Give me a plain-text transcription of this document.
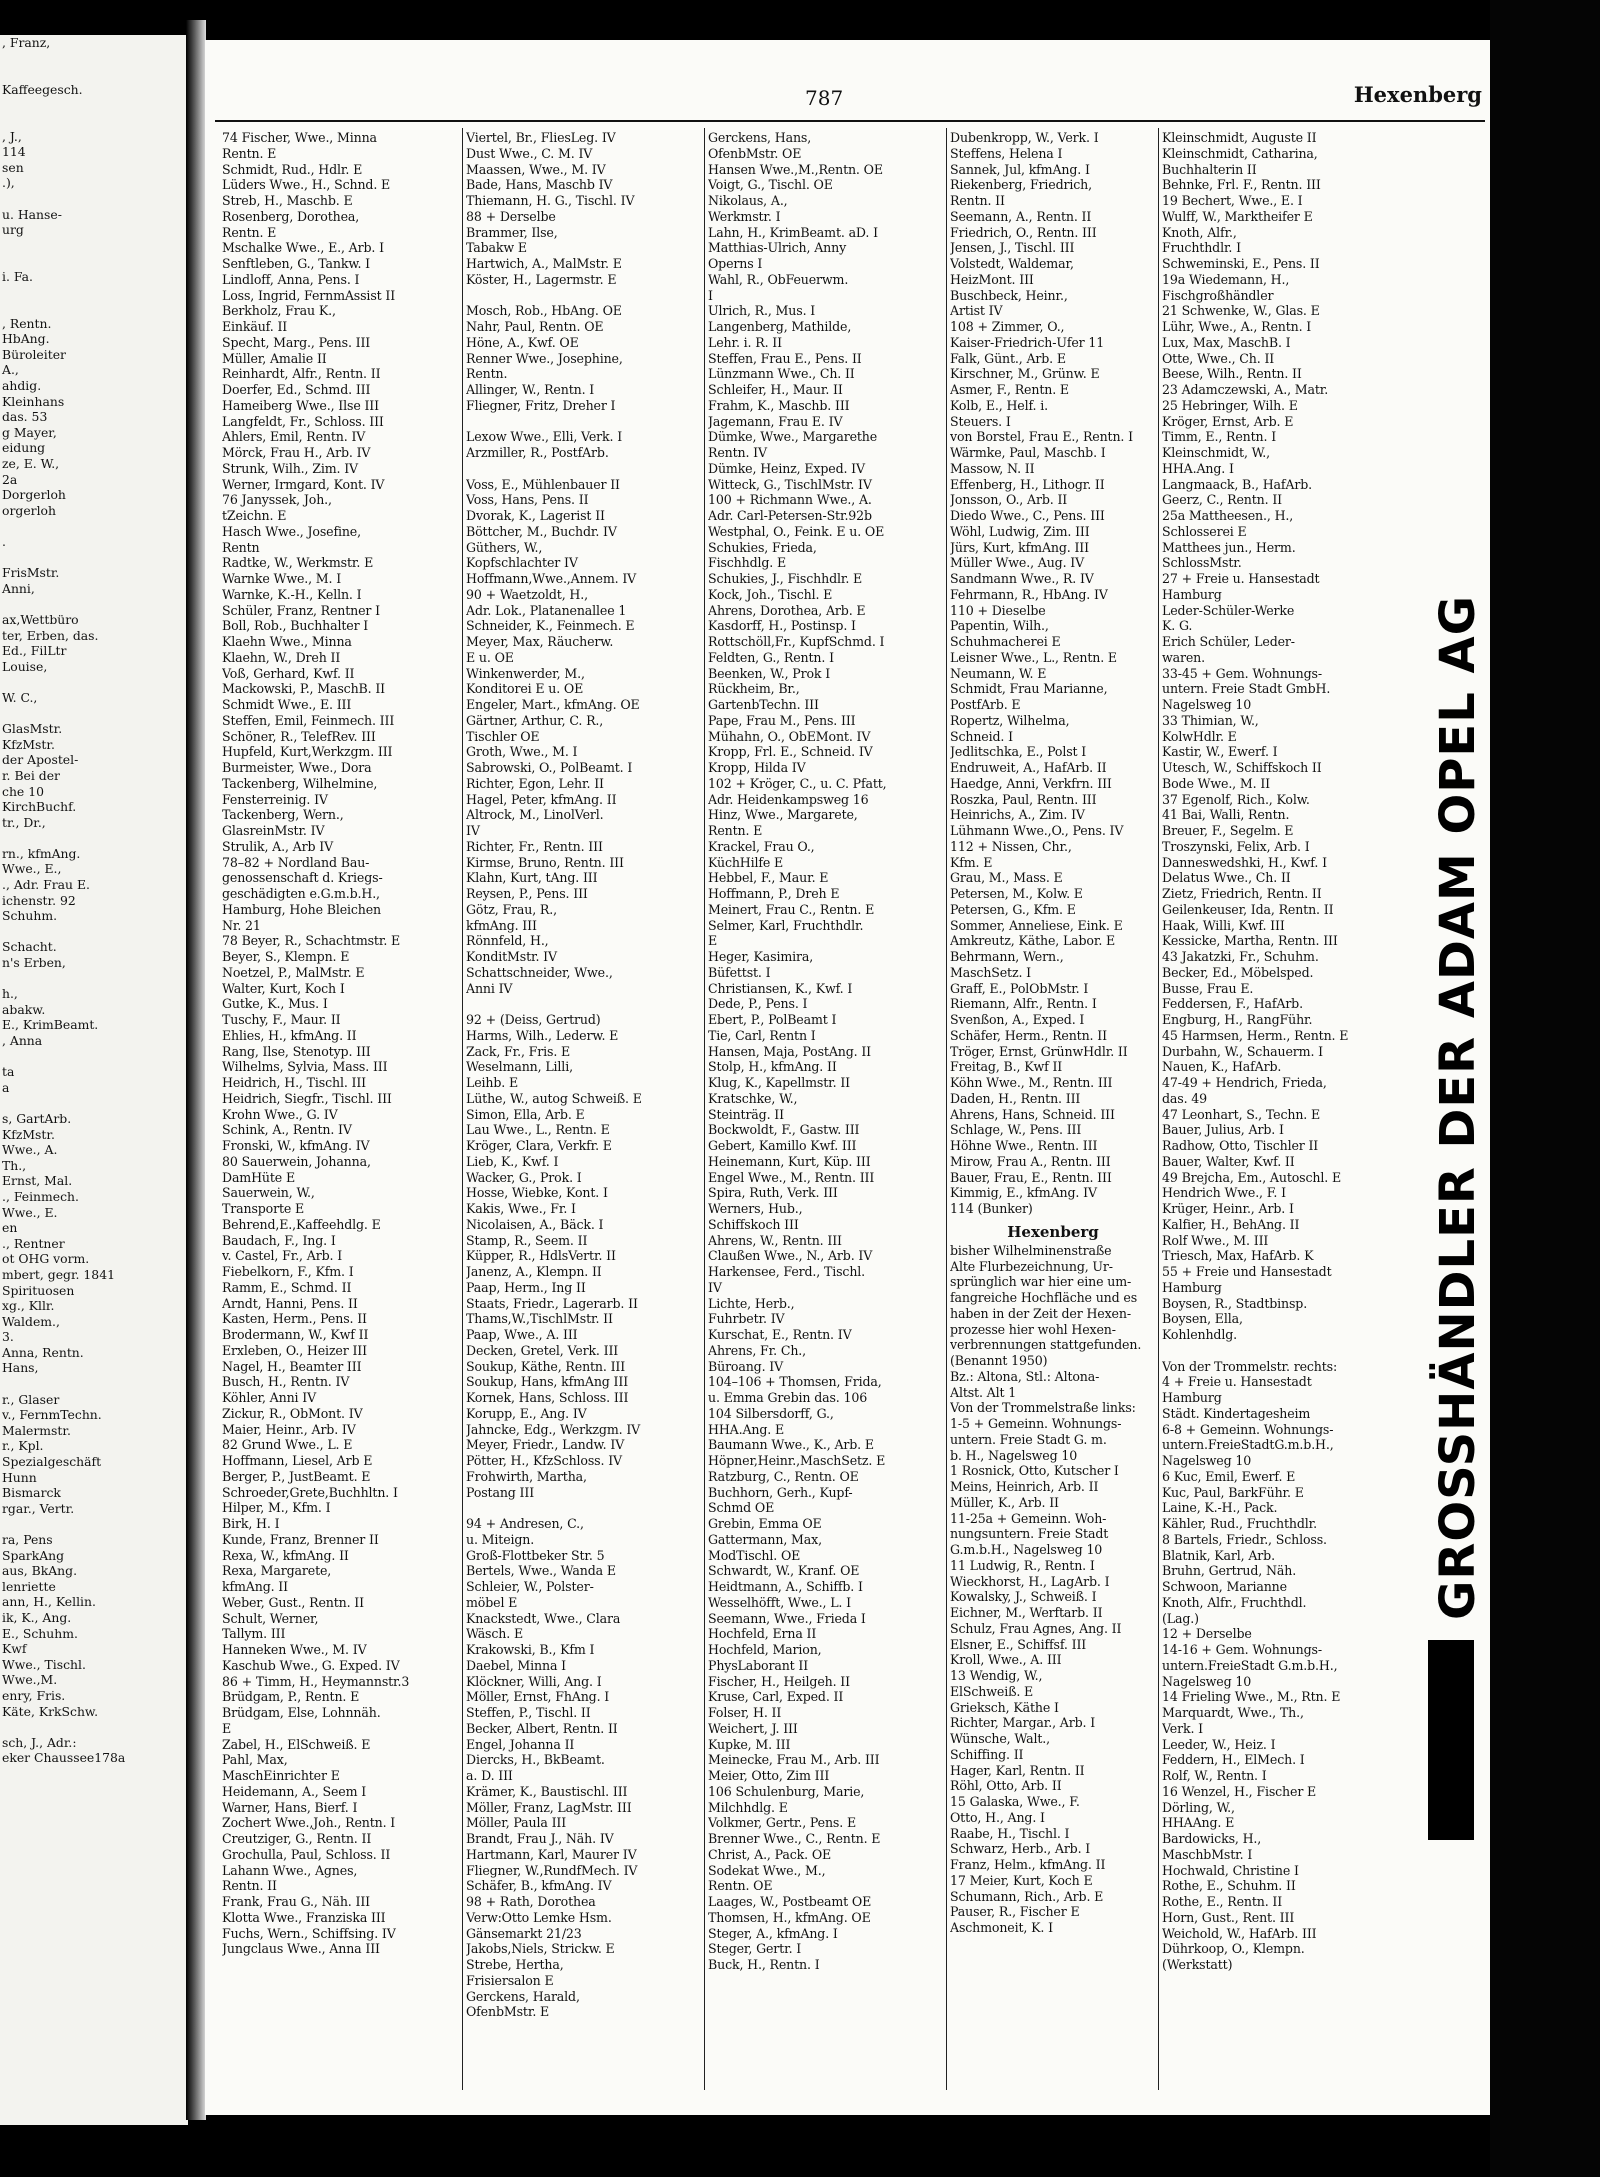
, Franz,

Kaffeegesch.

, J.,
114
sen
.),

u. Hanse-
urg

i. Fa.

, Rentn.
HbAng.
Büroleiter
A.,
ahdig.
Kleinhans
das. 53
g Mayer,
eidung
ze, E. W.,
2a
Dorgerloh
orgerloh

.

FrisMstr.
Anni,

ax,Wettbüro
ter, Erben, das.
Ed., FilLtr
Louise,

W. C.,

GlasMstr.
KfzMstr.
der Apostel-
r. Bei der
che 10
KirchBuchf.
tr., Dr.,

rn., kfmAng.
Wwe., E.,
., Adr. Frau E.
ichenstr. 92
Schuhm.

Schacht.
n's Erben,

h.,
abakw.
E., KrimBeamt.
, Anna

ta
a

s, GartArb.
KfzMstr.
Wwe., A.
Th.,
Ernst, Mal.
., Feinmech.
Wwe., E.
en
., Rentner
ot OHG vorm.
mbert, gegr. 1841
Spirituosen
xg., Kllr.
Waldem.,
3.
Anna, Rentn.
Hans,

r., Glaser
v., FernmTechn.
Malermstr.
r., Kpl.
Spezialgeschäft
Hunn
Bismarck
rgar., Vertr.

ra, Pens
SparkAng
aus, BkAng.
lenriette
ann, H., Kellin.
ik, K., Ang.
E., Schuhm.
Kwf
Wwe., Tischl.
Wwe.,M.
enry, Fris.
Käte, KrkSchw.

sch, J., Adr.:
eker Chaussee178a
787	Hexenberg
74 Fischer, Wwe., Minna
Rentn. E
Schmidt, Rud., Hdlr. E
Lüders Wwe., H., Schnd. E
Streb, H., Maschb. E
Rosenberg, Dorothea,
Rentn. E
Mschalke Wwe., E., Arb. I
Senftleben, G., Tankw. I
Lindloff, Anna, Pens. I
Loss, Ingrid, FernmAssist II
Berkholz, Frau K.,
Einkäuf. II
Specht, Marg., Pens. III
Müller, Amalie II
Reinhardt, Alfr., Rentn. II
Doerfer, Ed., Schmd. III
Hameiberg Wwe., Ilse III
Langfeldt, Fr., Schloss. III
Ahlers, Emil, Rentn. IV
Mörck, Frau H., Arb. IV
Strunk, Wilh., Zim. IV
Werner, Irmgard, Kont. IV
76 Janyssek, Joh.,
tZeichn. E
Hasch Wwe., Josefine,
Rentn
Radtke, W., Werkmstr. E
Warnke Wwe., M. I
Warnke, K.-H., Kelln. I
Schüler, Franz, Rentner I
Boll, Rob., Buchhalter I
Klaehn Wwe., Minna
Klaehn, W., Dreh II
Voß, Gerhard, Kwf. II
Mackowski, P., MaschB. II
Schmidt Wwe., E. III
Steffen, Emil, Feinmech. III
Schöner, R., TelefRev. III
Hupfeld, Kurt,Werkzgm. III
Burmeister, Wwe., Dora
Tackenberg, Wilhelmine,
Fensterreinig. IV
Tackenberg, Wern.,
GlasreinMstr. IV
Strulik, A., Arb IV
78–82 + Nordland Bau-
genossenschaft d. Kriegs-
geschädigten e.G.m.b.H.,
Hamburg, Hohe Bleichen
Nr. 21
78 Beyer, R., Schachtmstr. E
Beyer, S., Klempn. E
Noetzel, P., MalMstr. E
Walter, Kurt, Koch I
Gutke, K., Mus. I
Tuschy, F., Maur. II
Ehlies, H., kfmAng. II
Rang, Ilse, Stenotyp. III
Wilhelms, Sylvia, Mass. III
Heidrich, H., Tischl. III
Heidrich, Siegfr., Tischl. III
Krohn Wwe., G. IV
Schink, A., Rentn. IV
Fronski, W., kfmAng. IV
80 Sauerwein, Johanna,
DamHüte E
Sauerwein, W.,
Transporte E
Behrend,E.,Kaffeehdlg. E
Baudach, F., Ing. I
v. Castel, Fr., Arb. I
Fiebelkorn, F., Kfm. I
Ramm, E., Schmd. II
Arndt, Hanni, Pens. II
Kasten, Herm., Pens. II
Brodermann, W., Kwf II
Erxleben, O., Heizer III
Nagel, H., Beamter III
Busch, H., Rentn. IV
Köhler, Anni IV
Zickur, R., ObMont. IV
Maier, Heinr., Arb. IV
82 Grund Wwe., L. E
Hoffmann, Liesel, Arb E
Berger, P., JustBeamt. E
Schroeder,Grete,Buchhltn. I
Hilper, M., Kfm. I
Birk, H. I
Kunde, Franz, Brenner II
Rexa, W., kfmAng. II
Rexa, Margarete,
kfmAng. II
Weber, Gust., Rentn. II
Schult, Werner,
Tallym. III
Hanneken Wwe., M. IV
Kaschub Wwe., G. Exped. IV
86 + Timm, H., Heymannstr.3
Brüdgam, P., Rentn. E
Brüdgam, Else, Lohnnäh.
E
Zabel, H., ElSchweiß. E
Pahl, Max,
MaschEinrichter E
Heidemann, A., Seem I
Warner, Hans, Bierf. I
Zochert Wwe.,Joh., Rentn. I
Creutziger, G., Rentn. II
Grochulla, Paul, Schloss. II
Lahann Wwe., Agnes,
Rentn. II
Frank, Frau G., Näh. III
Klotta Wwe., Franziska III
Fuchs, Wern., Schiffsing. IV
Jungclaus Wwe., Anna III
Viertel, Br., FliesLeg. IV
Dust Wwe., C. M. IV
Maassen, Wwe., M. IV
Bade, Hans, Maschb IV
Thiemann, H. G., Tischl. IV
88 + Derselbe
Brammer, Ilse,
Tabakw E
Hartwich, A., MalMstr. E
Köster, H., Lagermstr. E

Mosch, Rob., HbAng. OE
Nahr, Paul, Rentn. OE
Höne, A., Kwf. OE
Renner Wwe., Josephine,
Rentn.
Allinger, W., Rentn. I
Fliegner, Fritz, Dreher I

Lexow Wwe., Elli, Verk. I
Arzmiller, R., PostfArb.

Voss, E., Mühlenbauer II
Voss, Hans, Pens. II
Dvorak, K., Lagerist II
Böttcher, M., Buchdr. IV
Güthers, W.,
Kopfschlachter IV
Hoffmann,Wwe.,Annem. IV
90 + Waetzoldt, H.,
Adr. Lok., Platanenallee 1
Schneider, K., Feinmech. E
Meyer, Max, Räucherw.
E u. OE
Winkenwerder, M.,
Konditorei E u. OE
Engeler, Mart., kfmAng. OE
Gärtner, Arthur, C. R.,
Tischler OE
Groth, Wwe., M. I
Sabrowski, O., PolBeamt. I
Richter, Egon, Lehr. II
Hagel, Peter, kfmAng. II
Altrock, M., LinolVerl.
IV
Richter, Fr., Rentn. III
Kirmse, Bruno, Rentn. III
Klahn, Kurt, tAng. III
Reysen, P., Pens. III
Götz, Frau, R.,
kfmAng. III
Rönnfeld, H.,
KonditMstr. IV
Schattschneider, Wwe.,
Anni IV

92 + (Deiss, Gertrud)
Harms, Wilh., Lederw. E
Zack, Fr., Fris. E
Weselmann, Lilli,
Leihb. E
Lüthe, W., autog Schweiß. E
Simon, Ella, Arb. E
Lau Wwe., L., Rentn. E
Kröger, Clara, Verkfr. E
Lieb, K., Kwf. I
Wacker, G., Prok. I
Hosse, Wiebke, Kont. I
Kakis, Wwe., Fr. I
Nicolaisen, A., Bäck. I
Stamp, R., Seem. II
Küpper, R., HdlsVertr. II
Janenz, A., Klempn. II
Paap, Herm., Ing II
Staats, Friedr., Lagerarb. II
Thams,W.,TischlMstr. II
Paap, Wwe., A. III
Decken, Gretel, Verk. III
Soukup, Käthe, Rentn. III
Soukup, Hans, kfmAng III
Kornek, Hans, Schloss. III
Korupp, E., Ang. IV
Jahncke, Edg., Werkzgm. IV
Meyer, Friedr., Landw. IV
Pötter, H., KfzSchloss. IV
Frohwirth, Martha,
Postang III

94 + Andresen, C.,
u. Miteign.
Groß-Flottbeker Str. 5
Bertels, Wwe., Wanda E
Schleier, W., Polster-
möbel E
Knackstedt, Wwe., Clara
Wäsch. E
Krakowski, B., Kfm I
Daebel, Minna I
Klöckner, Willi, Ang. I
Möller, Ernst, FhAng. I
Steffen, P., Tischl. II
Becker, Albert, Rentn. II
Engel, Johanna II
Diercks, H., BkBeamt.
a. D. III
Krämer, K., Baustischl. III
Möller, Franz, LagMstr. III
Möller, Paula III
Brandt, Frau J., Näh. IV
Hartmann, Karl, Maurer IV
Fliegner, W.,RundfMech. IV
Schäfer, B., kfmAng. IV
98 + Rath, Dorothea
Verw:Otto Lemke Hsm.
Gänsemarkt 21/23
Jakobs,Niels, Strickw. E
Strebe, Hertha,
Frisiersalon E
Gerckens, Harald,
OfenbMstr. E
Gerckens, Hans,
OfenbMstr. OE
Hansen Wwe.,M.,Rentn. OE
Voigt, G., Tischl. OE
Nikolaus, A.,
Werkmstr. I
Lahn, H., KrimBeamt. aD. I
Matthias-Ulrich, Anny
Operns I
Wahl, R., ObFeuerwm.
I
Ulrich, R., Mus. I
Langenberg, Mathilde,
Lehr. i. R. II
Steffen, Frau E., Pens. II
Lünzmann Wwe., Ch. II
Schleifer, H., Maur. II
Frahm, K., Maschb. III
Jagemann, Frau E. IV
Dümke, Wwe., Margarethe
Rentn. IV
Dümke, Heinz, Exped. IV
Witteck, G., TischlMstr. IV
100 + Richmann Wwe., A.
Adr. Carl-Petersen-Str.92b
Westphal, O., Feink. E u. OE
Schukies, Frieda,
Fischhdlg. E
Schukies, J., Fischhdlr. E
Kock, Joh., Tischl. E
Ahrens, Dorothea, Arb. E
Kasdorff, H., Postinsp. I
Rottschöll,Fr., KupfSchmd. I
Feldten, G., Rentn. I
Beenken, W., Prok I
Rückheim, Br.,
GartenbTechn. III
Pape, Frau M., Pens. III
Mühahn, O., ObEMont. IV
Kropp, Frl. E., Schneid. IV
Kropp, Hilda IV
102 + Kröger, C., u. C. Pfatt,
Adr. Heidenkampsweg 16
Hinz, Wwe., Margarete,
Rentn. E
Krackel, Frau O.,
KüchHilfe E
Hebbel, F., Maur. E
Hoffmann, P., Dreh E
Meinert, Frau C., Rentn. E
Selmer, Karl, Fruchthdlr.
E
Heger, Kasimira,
Büfettst. I
Christiansen, K., Kwf. I
Dede, P., Pens. I
Ebert, P., PolBeamt I
Tie, Carl, Rentn I
Hansen, Maja, PostAng. II
Stolp, H., kfmAng. II
Klug, K., Kapellmstr. II
Kratschke, W.,
Steinträg. II
Bockwoldt, F., Gastw. III
Gebert, Kamillo Kwf. III
Heinemann, Kurt, Küp. III
Engel Wwe., M., Rentn. III
Spira, Ruth, Verk. III
Werners, Hub.,
Schiffskoch III
Ahrens, W., Rentn. III
Claußen Wwe., N., Arb. IV
Harkensee, Ferd., Tischl.
IV
Lichte, Herb.,
Fuhrbetr. IV
Kurschat, E., Rentn. IV
Ahrens, Fr. Ch.,
Büroang. IV
104–106 + Thomsen, Frida,
u. Emma Grebin das. 106
104 Silbersdorff, G.,
HHA.Ang. E
Baumann Wwe., K., Arb. E
Höpner,Heinr.,MaschSetz. E
Ratzburg, C., Rentn. OE
Buchhorn, Gerh., Kupf-
Schmd OE
Grebin, Emma OE
Gattermann, Max,
ModTischl. OE
Schwardt, W., Kranf. OE
Heidtmann, A., Schiffb. I
Wesselhöfft, Wwe., L. I
Seemann, Wwe., Frieda I
Hochfeld, Erna II
Hochfeld, Marion,
PhysLaborant II
Fischer, H., Heilgeh. II
Kruse, Carl, Exped. II
Folser, H. II
Weichert, J. III
Kupke, M. III
Meinecke, Frau M., Arb. III
Meier, Otto, Zim III
106 Schulenburg, Marie,
Milchhdlg. E
Volkmer, Gertr., Pens. E
Brenner Wwe., C., Rentn. E
Christ, A., Pack. OE
Sodekat Wwe., M.,
Rentn. OE
Laages, W., Postbeamt OE
Thomsen, H., kfmAng. OE
Steger, A., kfmAng. I
Steger, Gertr. I
Buck, H., Rentn. I
Dubenkropp, W., Verk. I
Steffens, Helena I
Sannek, Jul, kfmAng. I
Riekenberg, Friedrich,
Rentn. II
Seemann, A., Rentn. II
Friedrich, O., Rentn. III
Jensen, J., Tischl. III
Volstedt, Waldemar,
HeizMont. III
Buschbeck, Heinr.,
Artist IV
108 + Zimmer, O.,
Kaiser-Friedrich-Ufer 11
Falk, Günt., Arb. E
Kirschner, M., Grünw. E
Asmer, F., Rentn. E
Kolb, E., Helf. i.
Steuers. I
von Borstel, Frau E., Rentn. I
Wärmke, Paul, Maschb. I
Massow, N. II
Effenberg, H., Lithogr. II
Jonsson, O., Arb. II
Diedo Wwe., C., Pens. III
Wöhl, Ludwig, Zim. III
Jürs, Kurt, kfmAng. III
Müller Wwe., Aug. IV
Sandmann Wwe., R. IV
Fehrmann, R., HbAng. IV
110 + Dieselbe
Papentin, Wilh.,
Schuhmacherei E
Leisner Wwe., L., Rentn. E
Neumann, W. E
Schmidt, Frau Marianne,
PostfArb. E
Ropertz, Wilhelma,
Schneid. I
Jedlitschka, E., Polst I
Endruweit, A., HafArb. II
Haedge, Anni, Verkfrn. III
Roszka, Paul, Rentn. III
Heinrichs, A., Zim. IV
Lühmann Wwe.,O., Pens. IV
112 + Nissen, Chr.,
Kfm. E
Grau, M., Mass. E
Petersen, M., Kolw. E
Petersen, G., Kfm. E
Sommer, Anneliese, Eink. E
Amkreutz, Käthe, Labor. E
Behrmann, Wern.,
MaschSetz. I
Graff, E., PolObMstr. I
Riemann, Alfr., Rentn. I
Svenßon, A., Exped. I
Schäfer, Herm., Rentn. II
Tröger, Ernst, GrünwHdlr. II
Freitag, B., Kwf II
Köhn Wwe., M., Rentn. III
Daden, H., Rentn. III
Ahrens, Hans, Schneid. III
Schlage, W., Pens. III
Höhne Wwe., Rentn. III
Mirow, Frau A., Rentn. III
Bauer, Frau, E., Rentn. III
Kimmig, E., kfmAng. IV
114 (Bunker)
Hexenberg
bisher Wilhelminenstraße
Alte Flurbezeichnung, Ur-
sprünglich war hier eine um-
fangreiche Hochfläche und es
haben in der Zeit der Hexen-
prozesse hier wohl Hexen-
verbrennungen stattgefunden.
(Benannt 1950)
Bz.: Altona, Stl.: Altona-
Altst. Alt 1
Von der Trommelstraße links:
1-5 + Gemeinn. Wohnungs-
untern. Freie Stadt G. m.
b. H., Nagelsweg 10
1 Rosnick, Otto, Kutscher I
Meins, Heinrich, Arb. II
Müller, K., Arb. II
11-25a + Gemeinn. Woh-
nungsuntern. Freie Stadt
G.m.b.H., Nagelsweg 10
11 Ludwig, R., Rentn. I
Wieckhorst, H., LagArb. I
Kowalsky, J., Schweiß. I
Eichner, M., Werftarb. II
Schulz, Frau Agnes, Ang. II
Elsner, E., Schiffsf. III
Kroll, Wwe., A. III
13 Wendig, W.,
ElSchweiß. E
Grieksch, Käthe I
Richter, Margar., Arb. I
Wünsche, Walt.,
Schiffing. II
Hager, Karl, Rentn. II
Röhl, Otto, Arb. II
15 Galaska, Wwe., F.
Otto, H., Ang. I
Raabe, H., Tischl. I
Schwarz, Herb., Arb. I
Franz, Helm., kfmAng. II
17 Meier, Kurt, Koch E
Schumann, Rich., Arb. E
Pauser, R., Fischer E
Aschmoneit, K. I
Kleinschmidt, Auguste II
Kleinschmidt, Catharina,
Buchhalterin II
Behnke, Frl. F., Rentn. III
19 Bechert, Wwe., E. I
Wulff, W., Marktheifer E
Knoth, Alfr.,
Fruchthdlr. I
Schweminski, E., Pens. II
19a Wiedemann, H.,
Fischgroßhändler
21 Schwenke, W., Glas. E
Lühr, Wwe., A., Rentn. I
Lux, Max, MaschB. I
Otte, Wwe., Ch. II
Beese, Wilh., Rentn. II
23 Adamczewski, A., Matr.
25 Hebringer, Wilh. E
Kröger, Ernst, Arb. E
Timm, E., Rentn. I
Kleinschmidt, W.,
HHA.Ang. I
Langmaack, B., HafArb.
Geerz, C., Rentn. II
25a Mattheesen., H.,
Schlosserei E
Matthees jun., Herm.
SchlossMstr.
27 + Freie u. Hansestadt
Hamburg
Leder-Schüler-Werke
K. G.
Erich Schüler, Leder-
waren.
33-45 + Gem. Wohnungs-
untern. Freie Stadt GmbH.
Nagelsweg 10
33 Thimian, W.,
KolwHdlr. E
Kastir, W., Ewerf. I
Utesch, W., Schiffskoch II
Bode Wwe., M. II
37 Egenolf, Rich., Kolw.
41 Bai, Walli, Rentn.
Breuer, F., Segelm. E
Troszynski, Felix, Arb. I
Danneswedshki, H., Kwf. I
Delatus Wwe., Ch. II
Zietz, Friedrich, Rentn. II
Geilenkeuser, Ida, Rentn. II
Haak, Willi, Kwf. III
Kessicke, Martha, Rentn. III
43 Jakatzki, Fr., Schuhm.
Becker, Ed., Möbelsped.
Busse, Frau E.
Feddersen, F., HafArb.
Engburg, H., RangFühr.
45 Harmsen, Herm., Rentn. E
Durbahn, W., Schauerm. I
Nauen, K., HafArb.
47-49 + Hendrich, Frieda,
das. 49
47 Leonhart, S., Techn. E
Bauer, Julius, Arb. I
Radhow, Otto, Tischler II
Bauer, Walter, Kwf. II
49 Brejcha, Em., Autoschl. E
Hendrich Wwe., F. I
Krüger, Heinr., Arb. I
Kalfier, H., BehAng. II
Rolf Wwe., M. III
Triesch, Max, HafArb. K
55 + Freie und Hansestadt
Hamburg
Boysen, R., Stadtbinsp.
Boysen, Ella,
Kohlenhdlg.

Von der Trommelstr. rechts:
4 + Freie u. Hansestadt
Hamburg
Städt. Kindertagesheim
6-8 + Gemeinn. Wohnungs-
untern.FreieStadtG.m.b.H.,
Nagelsweg 10
6 Kuc, Emil, Ewerf. E
Kuc, Paul, BarkFühr. E
Laine, K.-H., Pack.
Kähler, Rud., Fruchthdlr.
8 Bartels, Friedr., Schloss.
Blatnik, Karl, Arb.
Bruhn, Gertrud, Näh.
Schwoon, Marianne
Knoth, Alfr., Fruchthdl.
(Lag.)
12 + Derselbe
14-16 + Gem. Wohnungs-
untern.FreieStadt G.m.b.H.,
Nagelsweg 10
14 Frieling Wwe., M., Rtn. E
Marquardt, Wwe., Th.,
Verk. I
Leeder, W., Heiz. I
Feddern, H., ElMech. I
Rolf, W., Rentn. I
16 Wenzel, H., Fischer E
Dörling, W.,
HHAAng. E
Bardowicks, H.,
MaschbMstr. I
Hochwald, Christine I
Rothe, E., Schuhm. II
Rothe, E., Rentn. II
Horn, Gust., Rent. III
Weichold, W., HafArb. III
Dührkoop, O., Klempn.
(Werkstatt)
GROSSHÄNDLER DER ADAM OPEL AG
